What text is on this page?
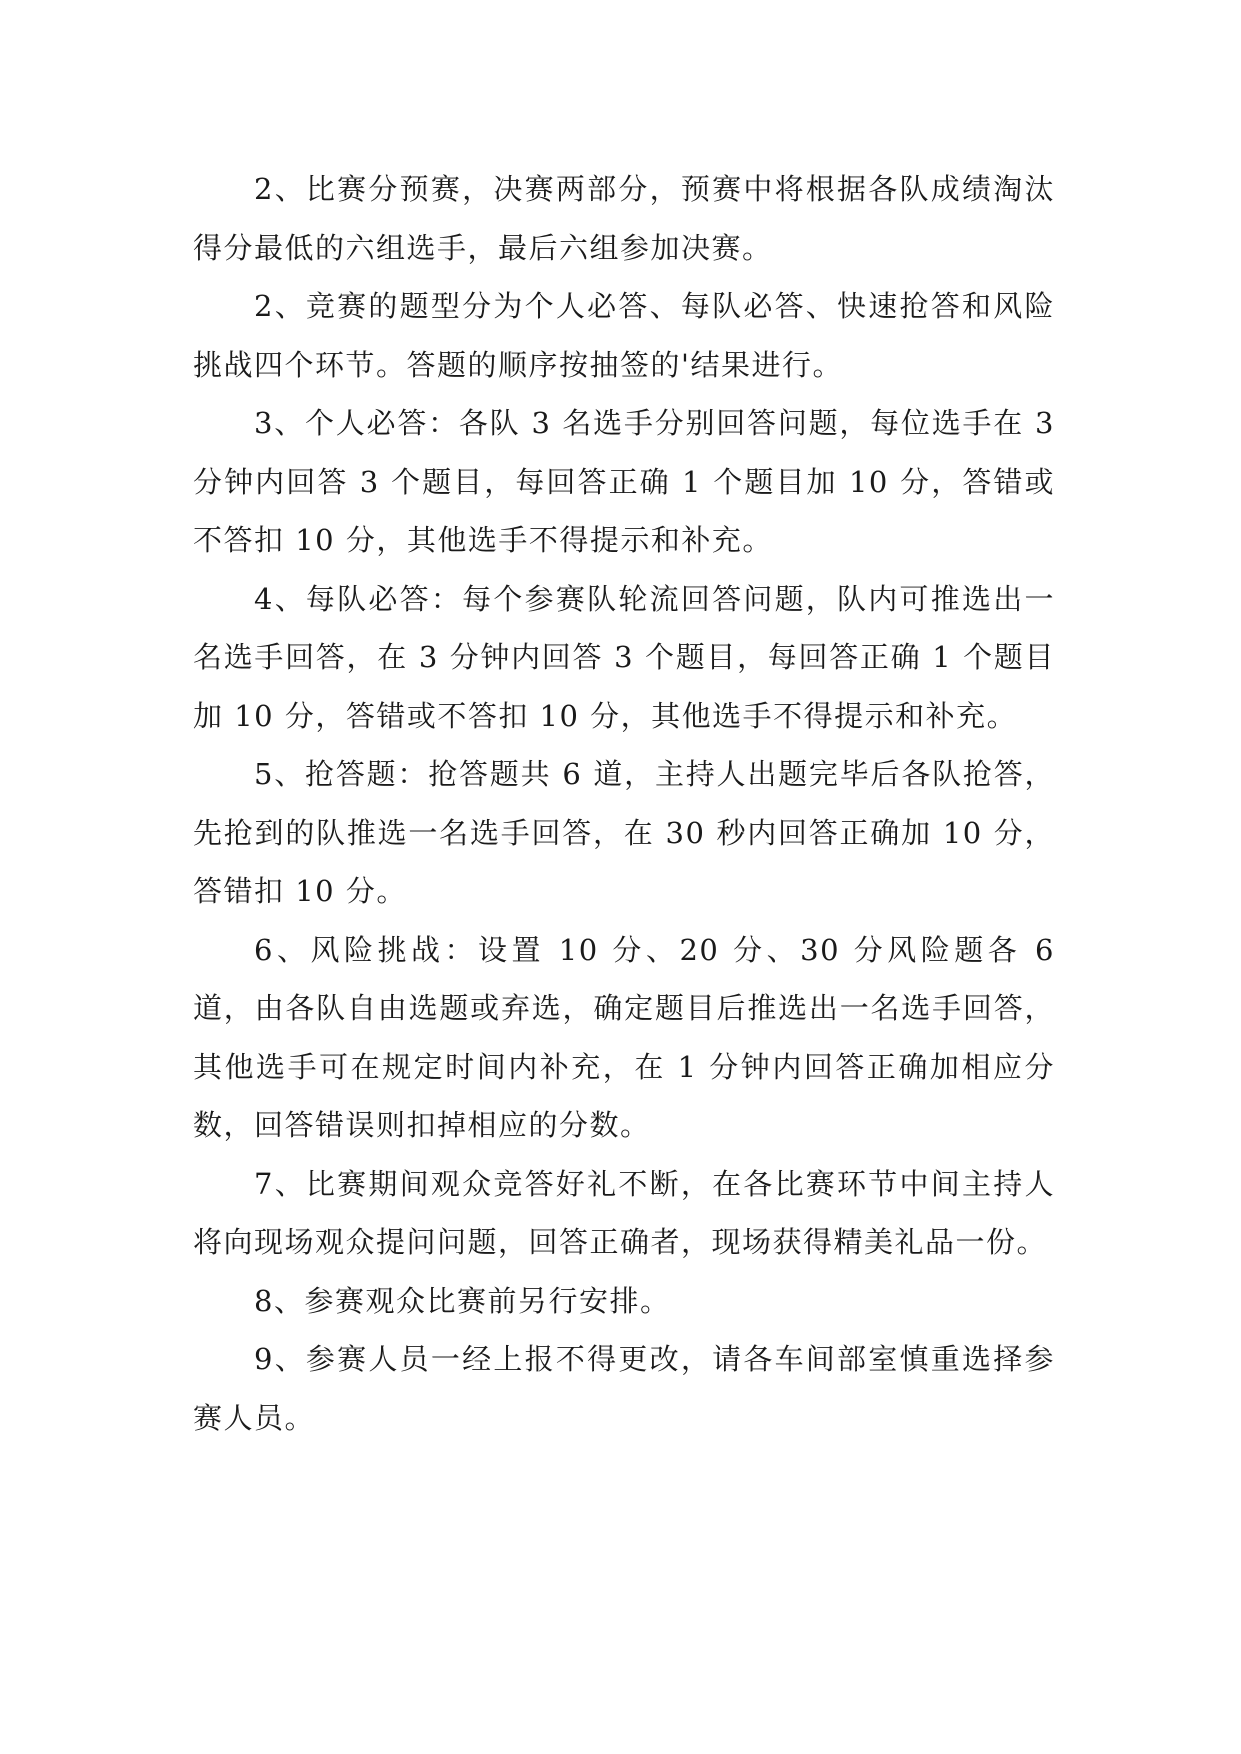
2、比赛分预赛，决赛两部分，预赛中将根据各队成绩淘汰得分最低的六组选手，最后六组参加决赛。

2、竞赛的题型分为个人必答、每队必答、快速抢答和风险挑战四个环节。答题的顺序按抽签的'结果进行。

3、个人必答：各队 3 名选手分别回答问题，每位选手在 3 分钟内回答 3 个题目，每回答正确 1 个题目加 10 分，答错或不答扣 10 分，其他选手不得提示和补充。

4、每队必答：每个参赛队轮流回答问题，队内可推选出一名选手回答，在 3 分钟内回答 3 个题目，每回答正确 1 个题目加 10 分，答错或不答扣 10 分，其他选手不得提示和补充。

5、抢答题：抢答题共 6 道，主持人出题完毕后各队抢答，先抢到的队推选一名选手回答，在 30 秒内回答正确加 10 分，答错扣 10 分。

6、风险挑战：设置 10 分、20 分、30 分风险题各 6 道，由各队自由选题或弃选，确定题目后推选出一名选手回答，其他选手可在规定时间内补充，在 1 分钟内回答正确加相应分数，回答错误则扣掉相应的分数。

7、比赛期间观众竞答好礼不断，在各比赛环节中间主持人将向现场观众提问问题，回答正确者，现场获得精美礼品一份。

8、参赛观众比赛前另行安排。

9、参赛人员一经上报不得更改，请各车间部室慎重选择参赛人员。
